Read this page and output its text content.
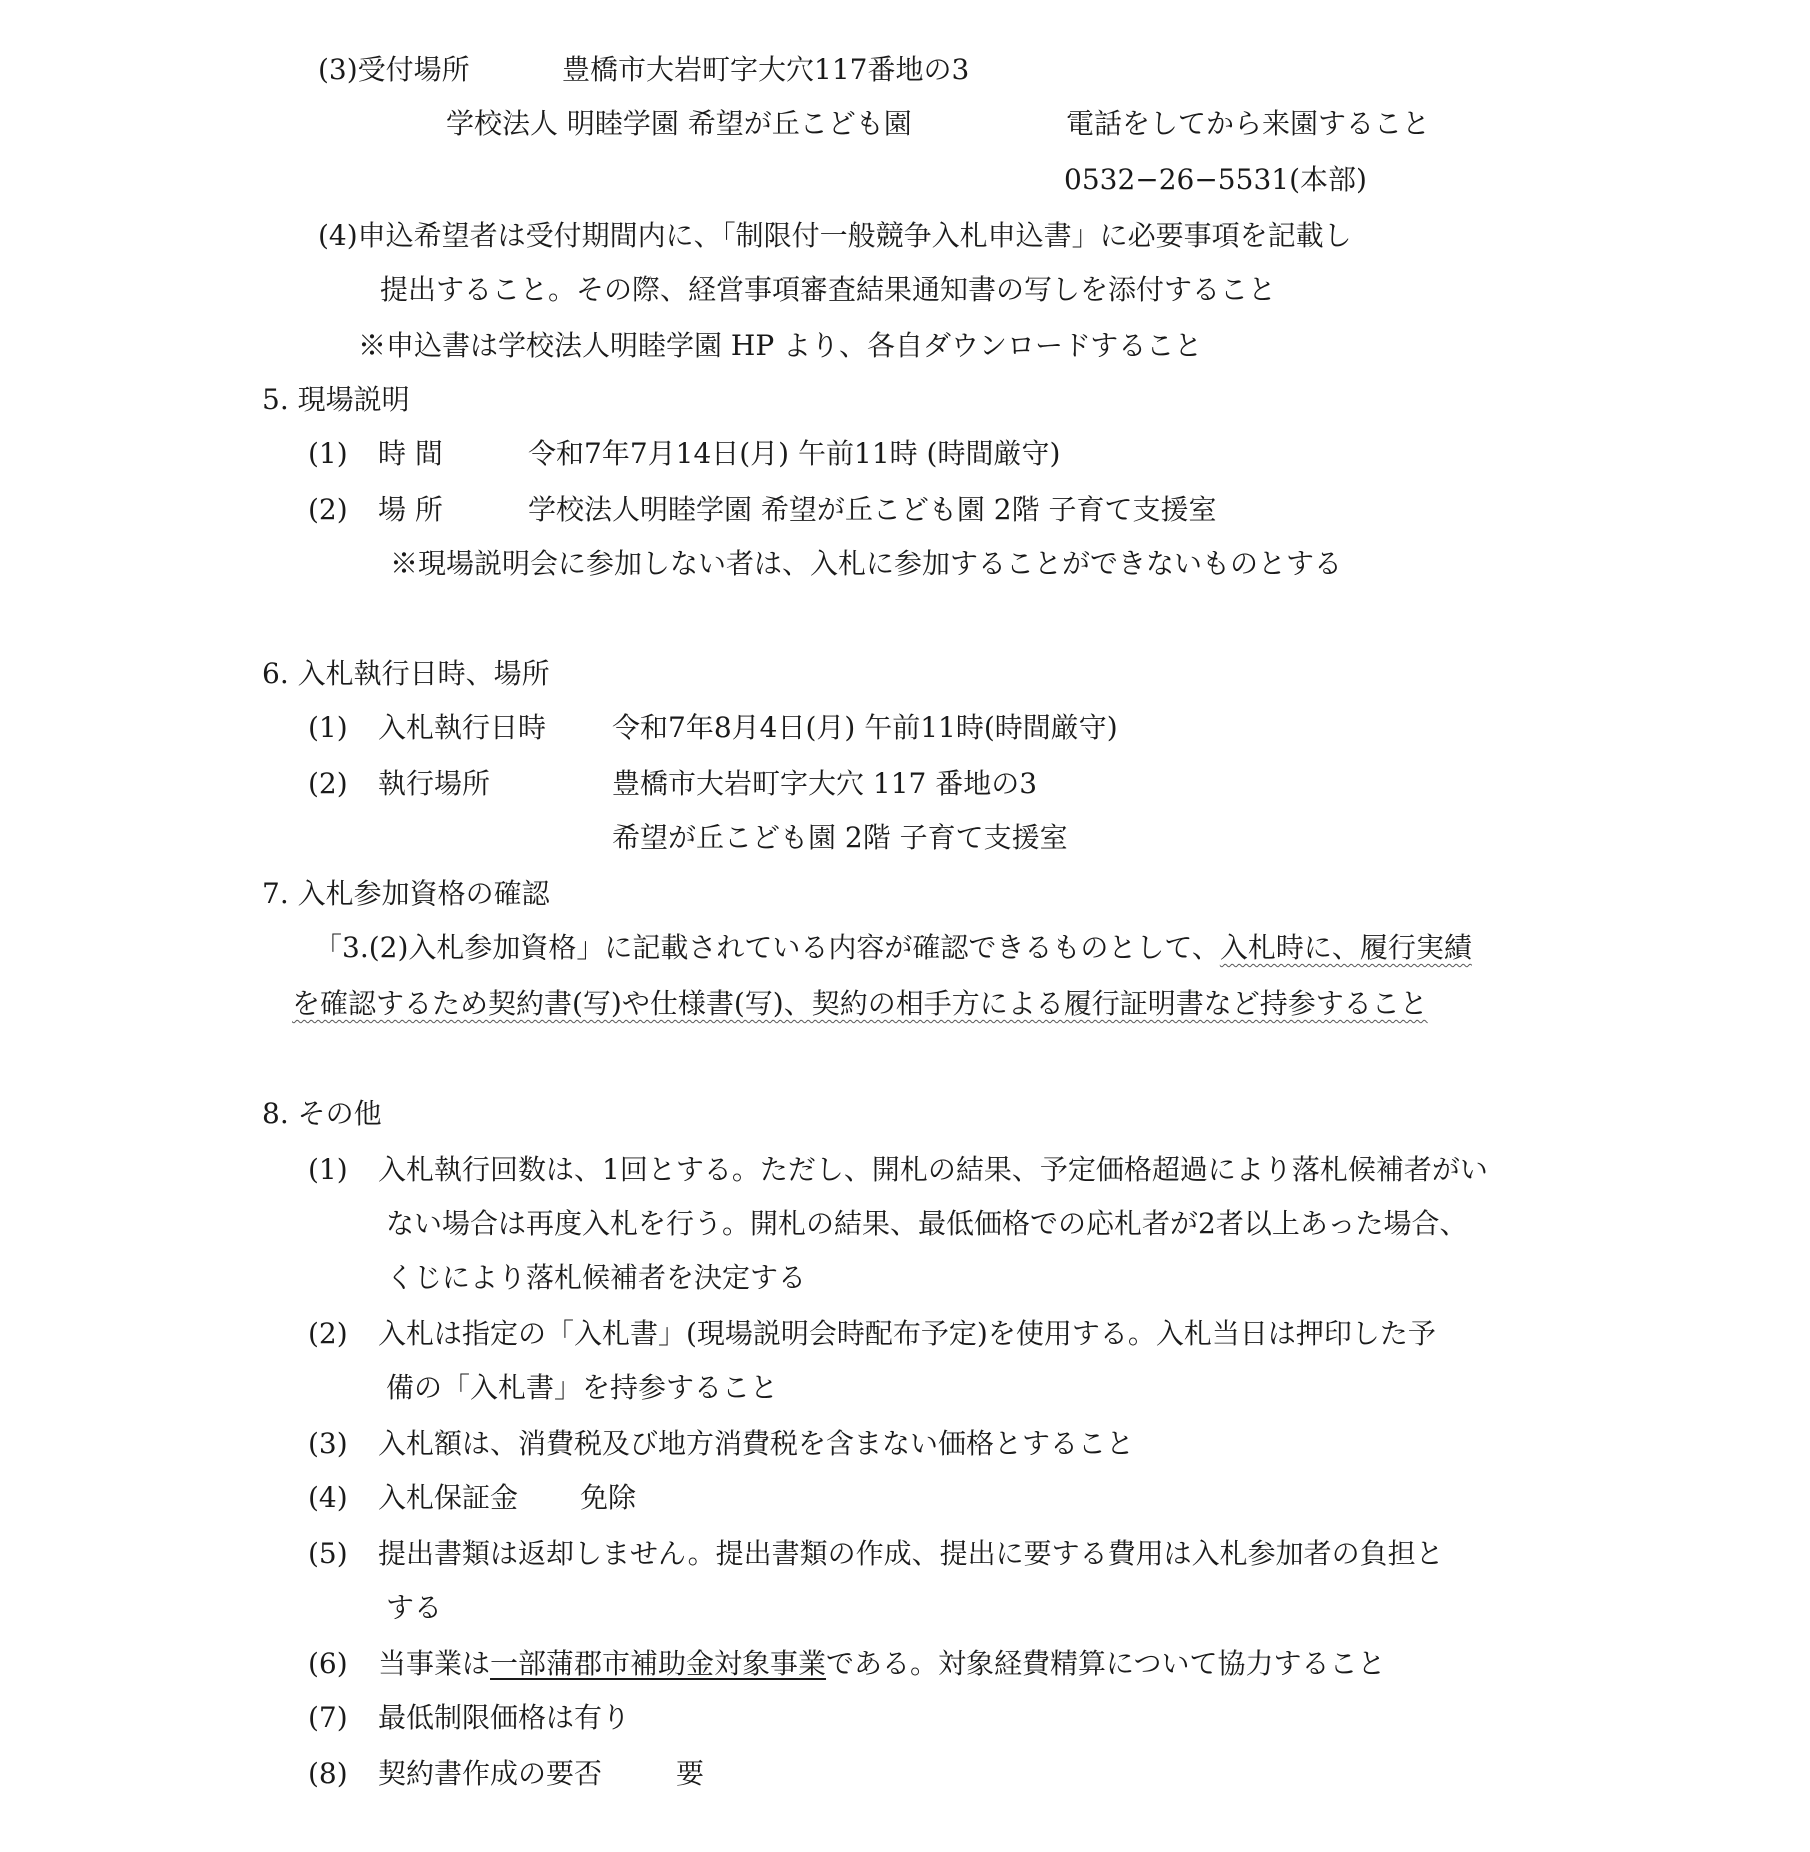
(3)受付場所	豊橋市大岩町字大穴117番地の3
学校法人 明睦学園 希望が丘こども園	電話をしてから来園すること
0532−26−5531(本部)
(4)申込希望者は受付期間内に、「制限付一般競争入札申込書」に必要事項を記載し
提出すること。その際、経営事項審査結果通知書の写しを添付すること
※申込書は学校法人明睦学園 HP より、各自ダウンロードすること
5. 現場説明
(1) 時 間	令和7年7月14日(月) 午前11時 (時間厳守)
(2) 場 所	学校法人明睦学園 希望が丘こども園 2階 子育て支援室
※現場説明会に参加しない者は、入札に参加することができないものとする
6. 入札執行日時、場所
(1) 入札執行日時 令和7年8月4日(月) 午前11時(時間厳守)
(2) 執行場所	豊橋市大岩町字大穴 117 番地の3
希望が丘こども園 2階 子育て支援室
7. 入札参加資格の確認
「3.(2)入札参加資格」に記載されている内容が確認できるものとして、入札時に、履行実績
を確認するため契約書(写)や仕様書(写)、契約の相手方による履行証明書など持参すること
8. その他
(1) 入札執行回数は、1回とする。ただし、開札の結果、予定価格超過により落札候補者がい
ない場合は再度入札を行う。開札の結果、最低価格での応札者が2者以上あった場合、
くじにより落札候補者を決定する
(2) 入札は指定の「入札書」(現場説明会時配布予定)を使用する。入札当日は押印した予
備の「入札書」を持参すること
(3) 入札額は、消費税及び地方消費税を含まない価格とすること
(4) 入札保証金 免除
(5) 提出書類は返却しません。提出書類の作成、提出に要する費用は入札参加者の負担と
する
(6) 当事業は一部蒲郡市補助金対象事業である。対象経費精算について協力すること
(7) 最低制限価格は有り
(8) 契約書作成の要否	要
